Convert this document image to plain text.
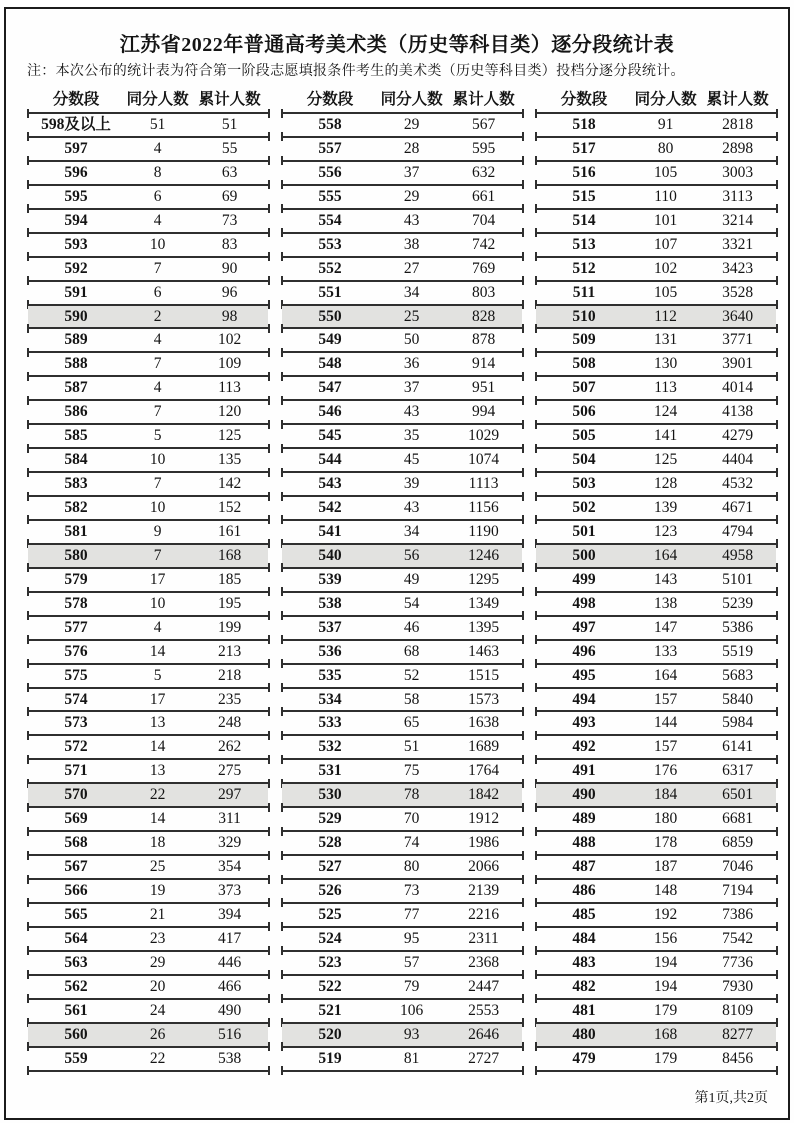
江苏省2022年普通高考美术类（历史等科目类）逐分段统计表
注：本次公布的统计表为符合第一阶段志愿填报条件考生的美术类（历史等科目类）投档分逐分段统计。
分数段	同分人数 累计人数
598及以上	51	51
597	4	55
596	8	63
595	6	69
594	4	73
593	10	83
592	7	90
591	6	96
590	2	98
589	4	102
588	7	109
587	4	113
586	7	120
585	5	125
584	10	135
583	7	142
582	10	152
581	9	161
580	7	168
579	17	185
578	10	195
577	4	199
576	14	213
575	5	218
574	17	235
573	13	248
572	14	262
571	13	275
570	22	297
569	14	311
568	18	329
567	25	354
566	19	373
565	21	394
564	23	417
563	29	446
562	20	466
561	24	490
560	26	516
559	22	538
分数段	同分人数 累计人数
558	29	567
557	28	595
556	37	632
555	29	661
554	43	704
553	38	742
552	27	769
551	34	803
550	25	828
549	50	878
548	36	914
547	37	951
546	43	994
545	35	1029
544	45	1074
543	39	1113
542	43	1156
541	34	1190
540	56	1246
539	49	1295
538	54	1349
537	46	1395
536	68	1463
535	52	1515
534	58	1573
533	65	1638
532	51	1689
531	75	1764
530	78	1842
529	70	1912
528	74	1986
527	80	2066
526	73	2139
525	77	2216
524	95	2311
523	57	2368
522	79	2447
521	106	2553
520	93	2646
519	81	2727
分数段	同分人数 累计人数
518	91	2818
517	80	2898
516	105	3003
515	110	3113
514	101	3214
513	107	3321
512	102	3423
511	105	3528
510	112	3640
509	131	3771
508	130	3901
507	113	4014
506	124	4138
505	141	4279
504	125	4404
503	128	4532
502	139	4671
501	123	4794
500	164	4958
499	143	5101
498	138	5239
497	147	5386
496	133	5519
495	164	5683
494	157	5840
493	144	5984
492	157	6141
491	176	6317
490	184	6501
489	180	6681
488	178	6859
487	187	7046
486	148	7194
485	192	7386
484	156	7542
483	194	7736
482	194	7930
481	179	8109
480	168	8277
479	179	8456
第1页,共2页
